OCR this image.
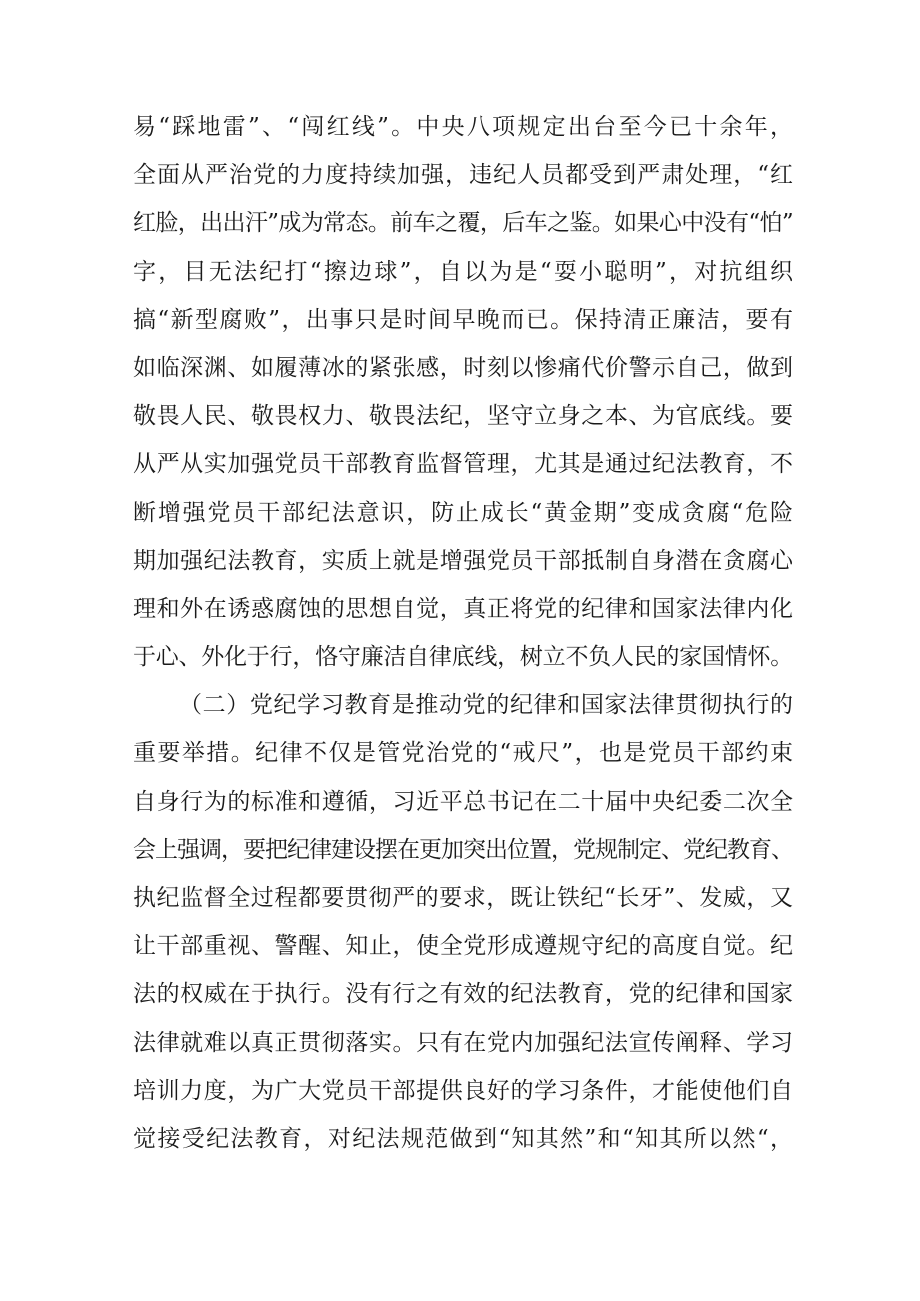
易“踩地雷”、“闯红线”。中央八项规定出台至今已十余年，
全面从严治党的力度持续加强，违纪人员都受到严肃处理，“红
红脸，出出汗”成为常态。前车之覆，后车之鉴。如果心中没有“怕”
字，目无法纪打“擦边球”，自以为是“耍小聪明”，对抗组织
搞“新型腐败”，出事只是时间早晚而已。保持清正廉洁，要有
如临深渊、如履薄冰的紧张感，时刻以惨痛代价警示自己，做到
敬畏人民、敬畏权力、敬畏法纪，坚守立身之本、为官底线。要
从严从实加强党员干部教育监督管理，尤其是通过纪法教育，不
断增强党员干部纪法意识，防止成长“黄金期”变成贪腐“危险
期加强纪法教育，实质上就是增强党员干部抵制自身潜在贪腐心
理和外在诱惑腐蚀的思想自觉，真正将党的纪律和国家法律内化
于心、外化于行，恪守廉洁自律底线，树立不负人民的家国情怀。
（二）党纪学习教育是推动党的纪律和国家法律贯彻执行的
重要举措。纪律不仅是管党治党的“戒尺”，也是党员干部约束
自身行为的标准和遵循，习近平总书记在二十届中央纪委二次全
会上强调，要把纪律建设摆在更加突出位置，党规制定、党纪教育、
执纪监督全过程都要贯彻严的要求，既让铁纪“长牙”、发威，又
让干部重视、警醒、知止，使全党形成遵规守纪的高度自觉。纪
法的权威在于执行。没有行之有效的纪法教育，党的纪律和国家
法律就难以真正贯彻落实。只有在党内加强纪法宣传阐释、学习
培训力度，为广大党员干部提供良好的学习条件，才能使他们自
觉接受纪法教育，对纪法规范做到“知其然”和“知其所以然“，
